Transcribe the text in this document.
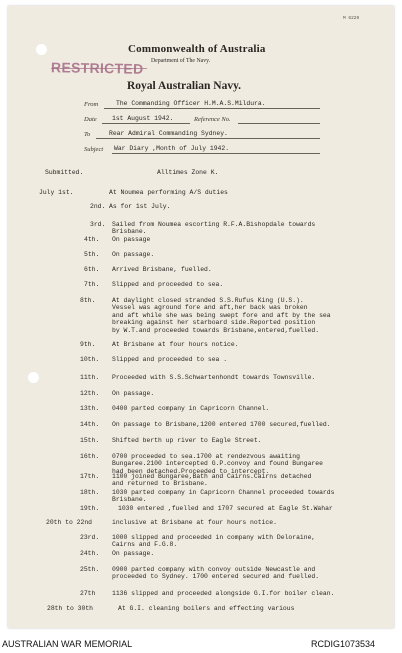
M 6220
Commonwealth of Australia
Department of The Navy.
RESTRICTED
Royal Australian Navy.
From	The Commanding Officer H.M.A.S.Mildura.
Date 1st August 1942.	Reference No.
To	Rear Admiral Commanding Sydney.
Subject War Diary ,Month of July 1942.
Submitted.	Alltimes Zone K.
July 1st.	At Noumea performing A/S duties
2nd. As for 1st July.
3rd. Sailed from Noumea escorting R.F.A.Bishopdale towards
Brisbane.
4th. On passage
5th. On passage.
6th. Arrived Brisbane, fuelled.
7th. Slipped and proceeded to sea.
8th.	At daylight closed stranded S.S.Rufus King (U.S.).
Vessel was aground fore and aft,her back was broken
and aft while she was being swept fore and aft by the sea
breaking against her starboard side.Reported position
by W.T.and proceeded towards Brisbane,entered,fuelled.
9th.	At Brisbane at four hours notice.
10th. Slipped and proceeded to sea .
11th. Proceeded with S.S.Schwartenhondt towards Townsville.
12th. On passage.
13th. 0400 parted company in Capricorn Channel.
14th. On passage to Brisbane,1200 entered 1700 secured,fuelled.
15th. Shifted berth up river to Eagle Street.
16th. 0700 proceeded to sea.1700 at rendezvous awaiting
Bungaree.2100 intercepted G.P.convoy and found Bungaree
had been detached.Proceeded to intercept.
17th. 1100 joined Bungaree,Bath and Cairns.Cairns detached
and returned to Brisbane.
18th. 1030 parted company in Capricorn Channel proceeded towards
Brisbane.
19th.	1030 entered ,fuelled and 1707 secured at Eagle St.Wahar
20th to 22nd	inclusive at Brisbane at four hours notice.
23rd. 1000 slipped and proceeded in company with Deloraine,
Cairns and F.G.8.
24th. On passage.
25th. 0900 parted company with convoy outside Newcastle and
proceeded to Sydney. 1700 entered secured and fuelled.
27th	1136 slipped and proceeded alongside G.I.for boiler clean.
28th to 30th	At G.I. cleaning boilers and effecting various
AUSTRALIAN WAR MEMORIAL	RCDIG1073534
